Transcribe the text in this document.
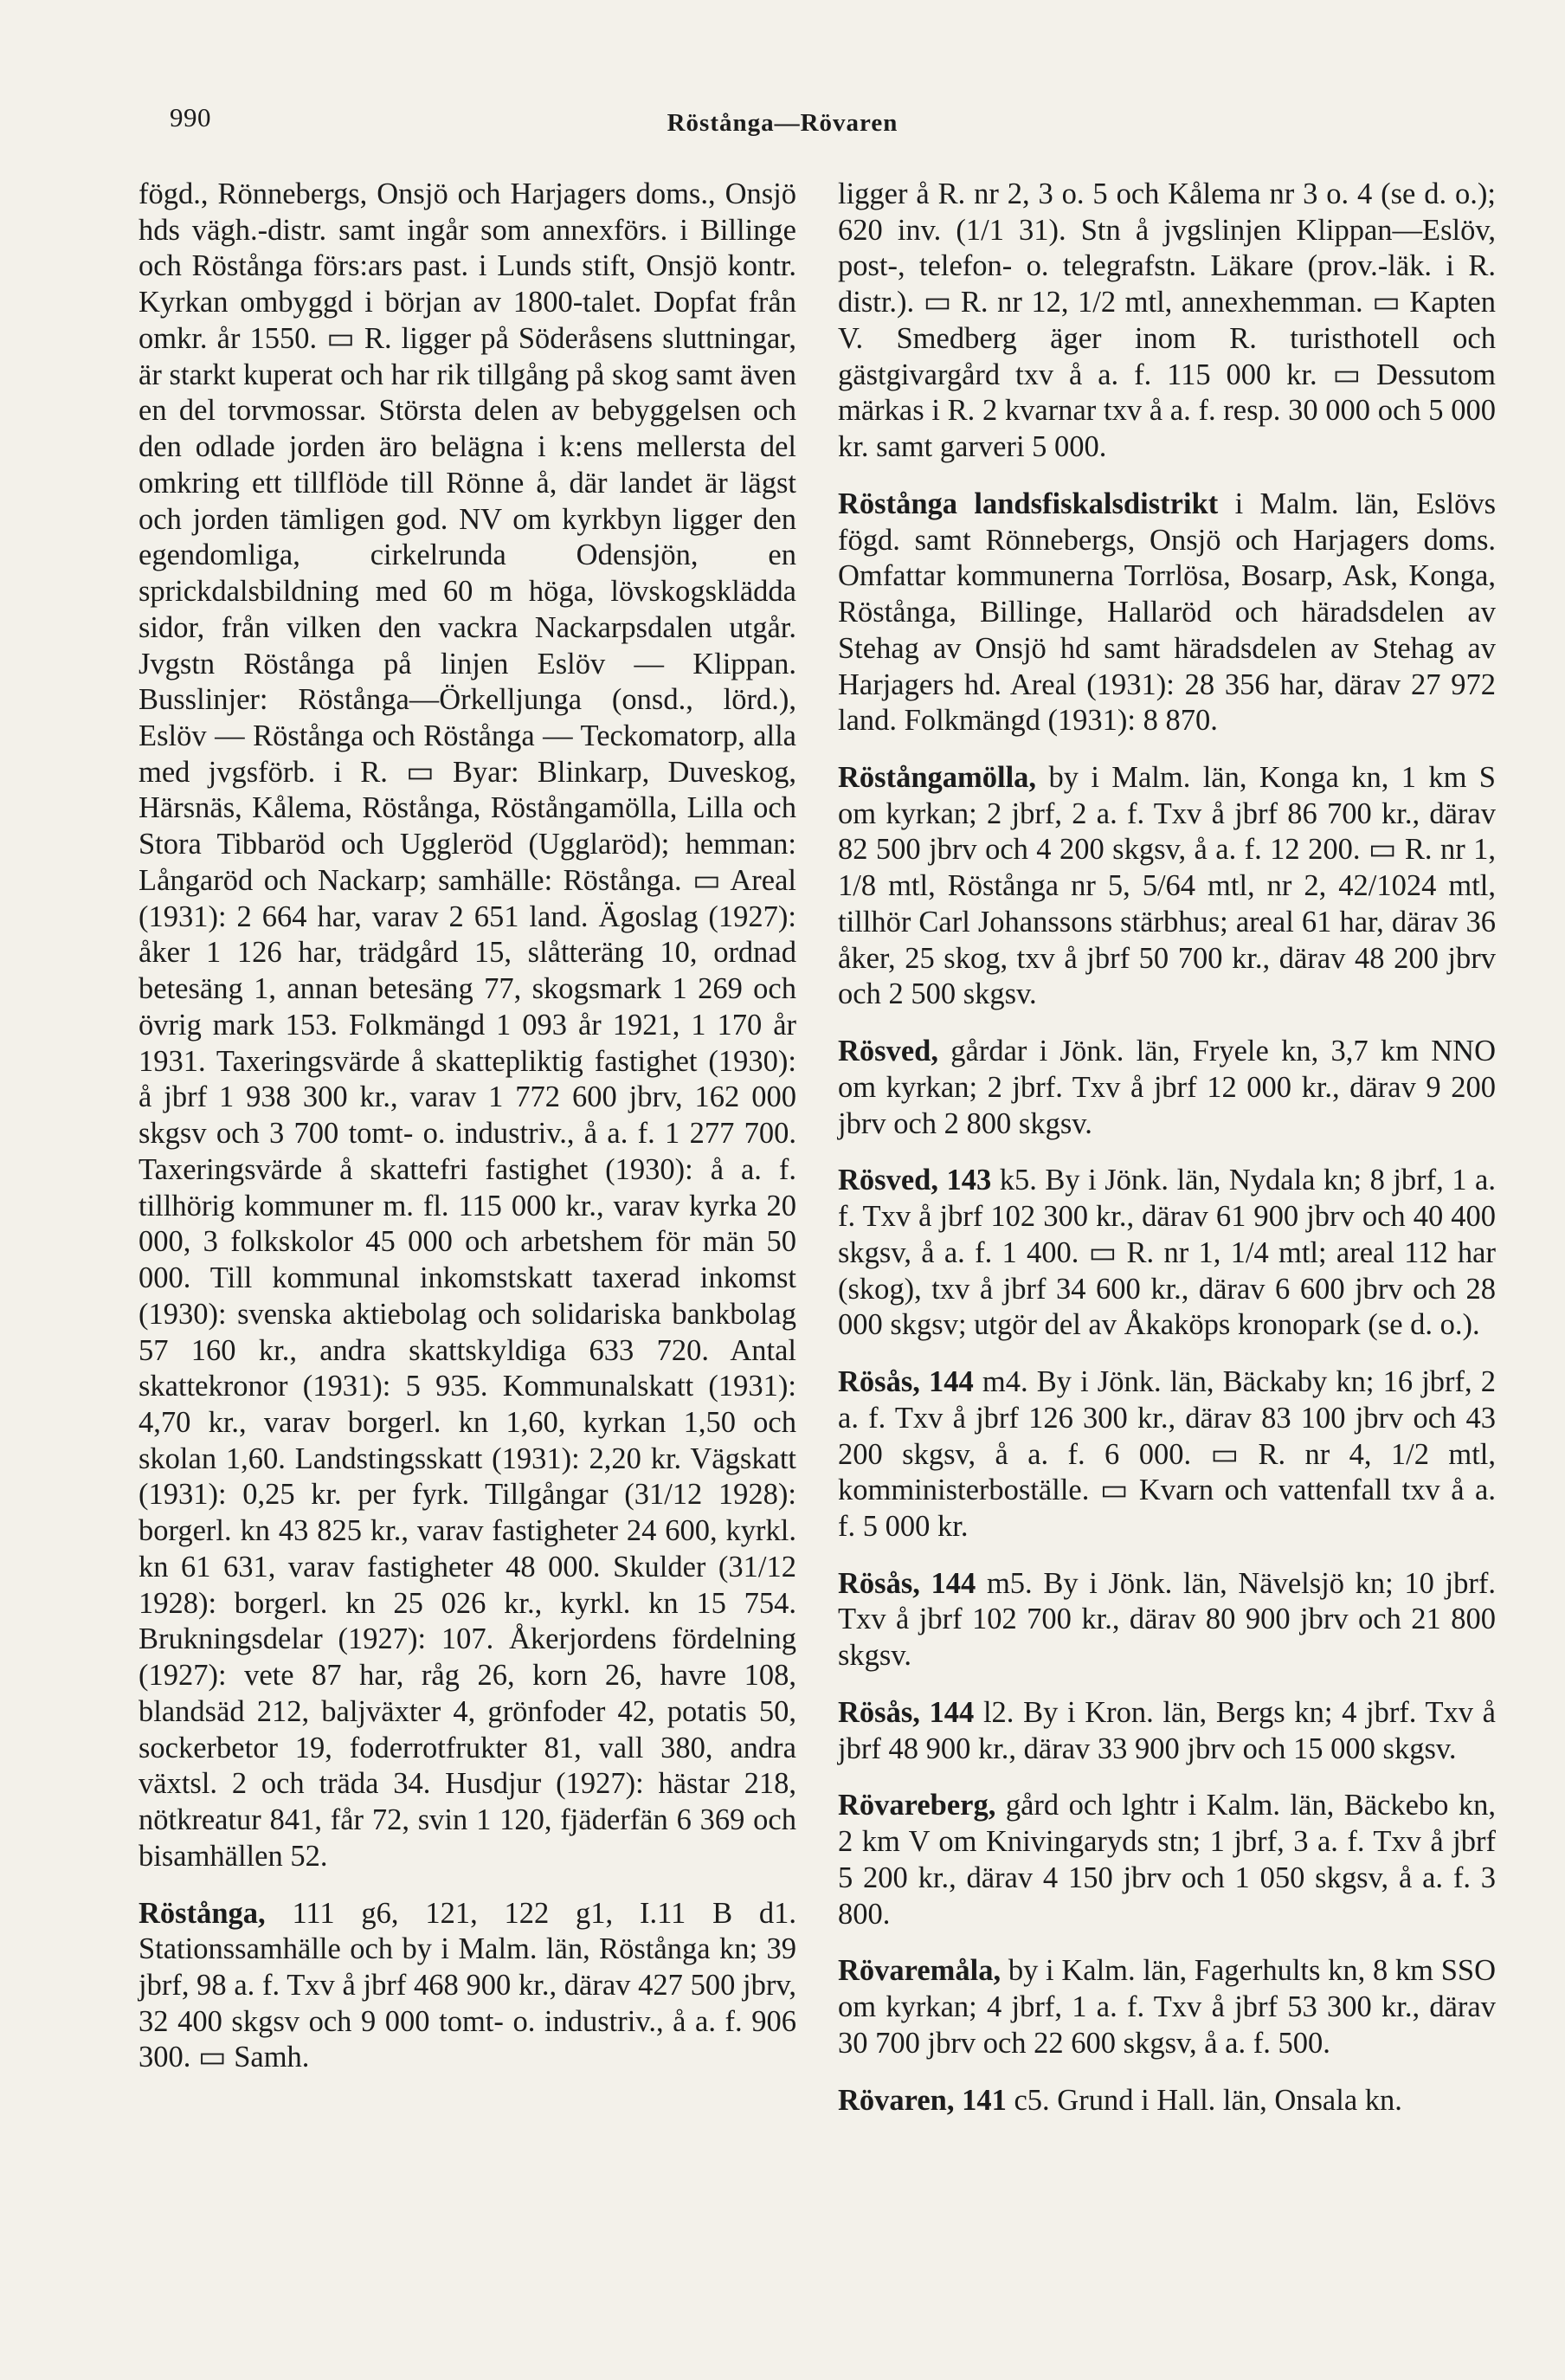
990	Röstånga—Rövaren

fögd., Rönnebergs, Onsjö och Harjagers doms., Onsjö hds vägh.-distr. samt ingår som annexförs. i Billinge och Röstånga förs:ars past. i Lunds stift, Onsjö kontr. Kyrkan ombyggd i början av 1800-talet. Dopfat från omkr. år 1550. ▭ R. ligger på Söderåsens sluttningar, är starkt kuperat och har rik tillgång på skog samt även en del torvmossar. Största delen av bebyggelsen och den odlade jorden äro belägna i k:ens mellersta del omkring ett tillflöde till Rönne å, där landet är lägst och jorden tämligen god. NV om kyrkbyn ligger den egendomliga, cirkelrunda Odensjön, en sprickdalsbildning med 60 m höga, lövskogsklädda sidor, från vilken den vackra Nackarpsdalen utgår. Jvgstn Röstånga på linjen Eslöv — Klippan. Busslinjer: Röstånga—Örkelljunga (onsd., lörd.), Eslöv — Röstånga och Röstånga — Teckomatorp, alla med jvgsförb. i R. ▭ Byar: Blinkarp, Duveskog, Härsnäs, Kålema, Röstånga, Röstångamölla, Lilla och Stora Tibbaröd och Uggleröd (Ugglaröd); hemman: Långaröd och Nackarp; samhälle: Röstånga. ▭ Areal (1931): 2 664 har, varav 2 651 land. Ägoslag (1927): åker 1 126 har, trädgård 15, slåtteräng 10, ordnad betesäng 1, annan betesäng 77, skogsmark 1 269 och övrig mark 153. Folkmängd 1 093 år 1921, 1 170 år 1931. Taxeringsvärde å skattepliktig fastighet (1930): å jbrf 1 938 300 kr., varav 1 772 600 jbrv, 162 000 skgsv och 3 700 tomt- o. industriv., å a. f. 1 277 700. Taxeringsvärde å skattefri fastighet (1930): å a. f. tillhörig kommuner m. fl. 115 000 kr., varav kyrka 20 000, 3 folkskolor 45 000 och arbetshem för män 50 000. Till kommunal inkomstskatt taxerad inkomst (1930): svenska aktiebolag och solidariska bankbolag 57 160 kr., andra skattskyldiga 633 720. Antal skattekronor (1931): 5 935. Kommunalskatt (1931): 4,70 kr., varav borgerl. kn 1,60, kyrkan 1,50 och skolan 1,60. Landstingsskatt (1931): 2,20 kr. Vägskatt (1931): 0,25 kr. per fyrk. Tillgångar (31/12 1928): borgerl. kn 43 825 kr., varav fastigheter 24 600, kyrkl. kn 61 631, varav fastigheter 48 000. Skulder (31/12 1928): borgerl. kn 25 026 kr., kyrkl. kn 15 754. Brukningsdelar (1927): 107. Åkerjordens fördelning (1927): vete 87 har, råg 26, korn 26, havre 108, blandsäd 212, baljväxter 4, grönfoder 42, potatis 50, sockerbetor 19, foderrotfrukter 81, vall 380, andra växtsl. 2 och träda 34. Husdjur (1927): hästar 218, nötkreatur 841, får 72, svin 1 120, fjäderfän 6 369 och bisamhällen 52.

Röstånga, 111 g6, 121, 122 g1, I.11 B d1. Stationssamhälle och by i Malm. län, Röstånga kn; 39 jbrf, 98 a. f. Txv å jbrf 468 900 kr., därav 427 500 jbrv, 32 400 skgsv och 9 000 tomt- o. industriv., å a. f. 906 300. ▭ Samh.

ligger å R. nr 2, 3 o. 5 och Kålema nr 3 o. 4 (se d. o.); 620 inv. (1/1 31). Stn å jvgslinjen Klippan—Eslöv, post-, telefon- o. telegrafstn. Läkare (prov.-läk. i R. distr.). ▭ R. nr 12, 1/2 mtl, annexhemman. ▭ Kapten V. Smedberg äger inom R. turisthotell och gästgivargård txv å a. f. 115 000 kr. ▭ Dessutom märkas i R. 2 kvarnar txv å a. f. resp. 30 000 och 5 000 kr. samt garveri 5 000.

Röstånga landsfiskalsdistrikt i Malm. län, Eslövs fögd. samt Rönnebergs, Onsjö och Harjagers doms. Omfattar kommunerna Torrlösa, Bosarp, Ask, Konga, Röstånga, Billinge, Hallaröd och häradsdelen av Stehag av Onsjö hd samt häradsdelen av Stehag av Harjagers hd. Areal (1931): 28 356 har, därav 27 972 land. Folkmängd (1931): 8 870.

Röstångamölla, by i Malm. län, Konga kn, 1 km S om kyrkan; 2 jbrf, 2 a. f. Txv å jbrf 86 700 kr., därav 82 500 jbrv och 4 200 skgsv, å a. f. 12 200. ▭ R. nr 1, 1/8 mtl, Röstånga nr 5, 5/64 mtl, nr 2, 42/1024 mtl, tillhör Carl Johanssons stärbhus; areal 61 har, därav 36 åker, 25 skog, txv å jbrf 50 700 kr., därav 48 200 jbrv och 2 500 skgsv.

Rösved, gårdar i Jönk. län, Fryele kn, 3,7 km NNO om kyrkan; 2 jbrf. Txv å jbrf 12 000 kr., därav 9 200 jbrv och 2 800 skgsv.

Rösved, 143 k5. By i Jönk. län, Nydala kn; 8 jbrf, 1 a. f. Txv å jbrf 102 300 kr., därav 61 900 jbrv och 40 400 skgsv, å a. f. 1 400. ▭ R. nr 1, 1/4 mtl; areal 112 har (skog), txv å jbrf 34 600 kr., därav 6 600 jbrv och 28 000 skgsv; utgör del av Åkaköps kronopark (se d. o.).

Rösås, 144 m4. By i Jönk. län, Bäckaby kn; 16 jbrf, 2 a. f. Txv å jbrf 126 300 kr., därav 83 100 jbrv och 43 200 skgsv, å a. f. 6 000. ▭ R. nr 4, 1/2 mtl, komministerboställe. ▭ Kvarn och vattenfall txv å a. f. 5 000 kr.

Rösås, 144 m5. By i Jönk. län, Nävelsjö kn; 10 jbrf. Txv å jbrf 102 700 kr., därav 80 900 jbrv och 21 800 skgsv.

Rösås, 144 l2. By i Kron. län, Bergs kn; 4 jbrf. Txv å jbrf 48 900 kr., därav 33 900 jbrv och 15 000 skgsv.

Rövareberg, gård och lghtr i Kalm. län, Bäckebo kn, 2 km V om Knivingaryds stn; 1 jbrf, 3 a. f. Txv å jbrf 5 200 kr., därav 4 150 jbrv och 1 050 skgsv, å a. f. 3 800.

Rövaremåla, by i Kalm. län, Fagerhults kn, 8 km SSO om kyrkan; 4 jbrf, 1 a. f. Txv å jbrf 53 300 kr., därav 30 700 jbrv och 22 600 skgsv, å a. f. 500.

Rövaren, 141 c5. Grund i Hall. län, Onsala kn.
